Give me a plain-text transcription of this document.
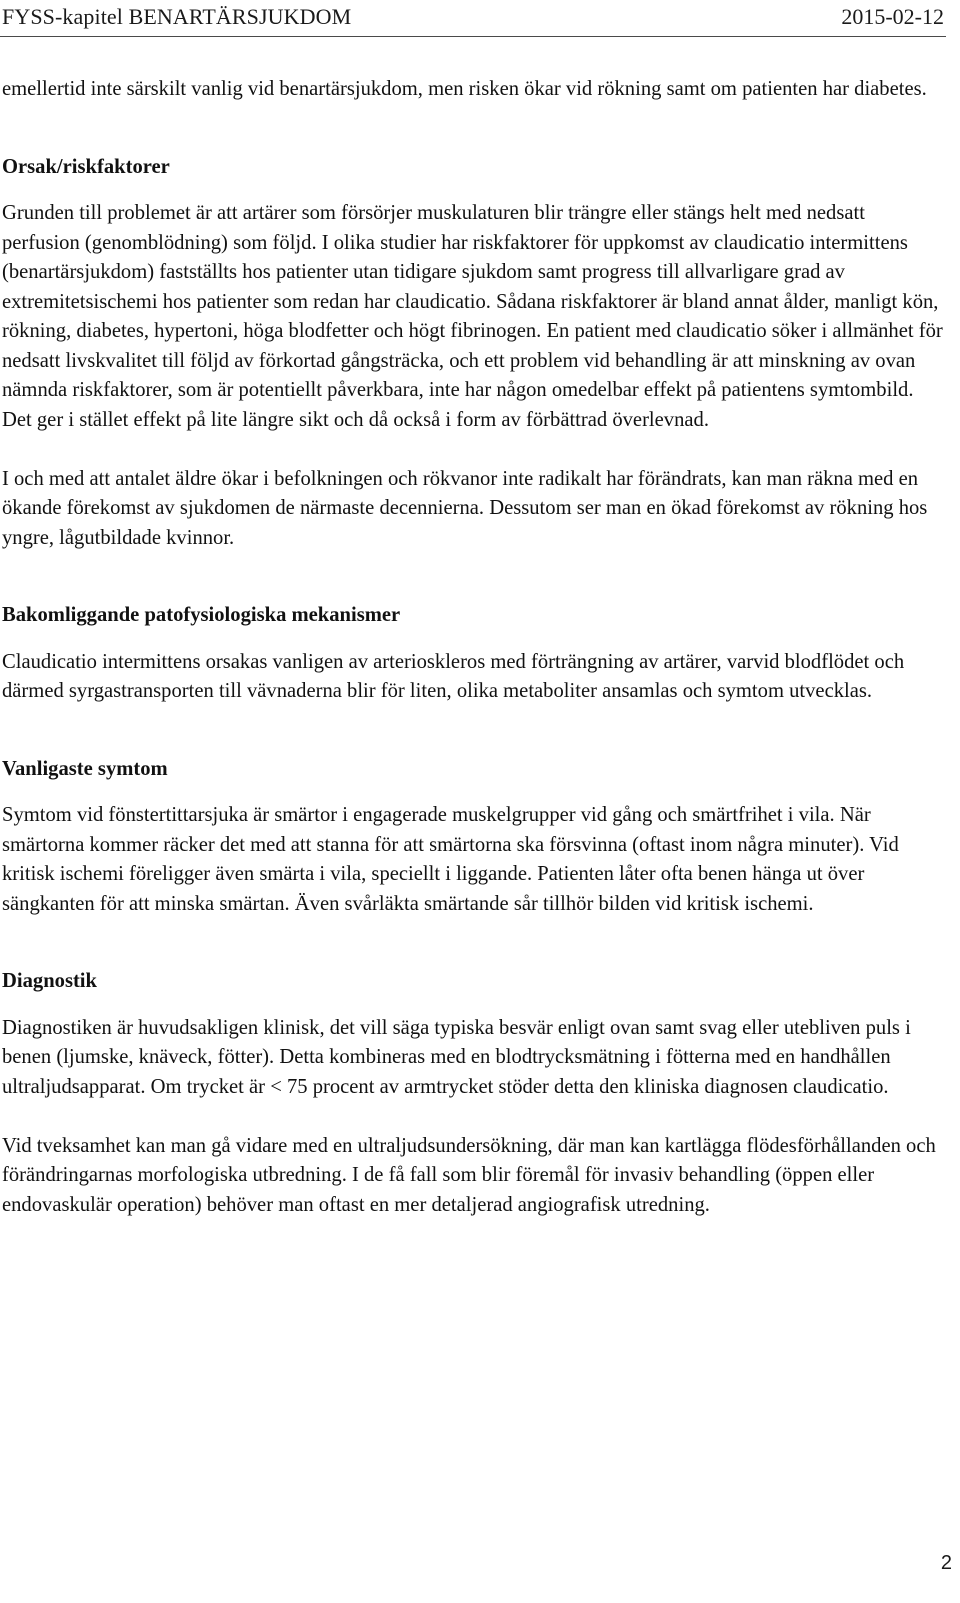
FYSS-kapitel BENARTÄRSJUKDOM	2015-02-12

emellertid inte särskilt vanlig vid benartärsjukdom, men risken ökar vid rökning samt om patienten har diabetes.

Orsak/riskfaktorer

Grunden till problemet är att artärer som försörjer muskulaturen blir trängre eller stängs helt med nedsatt perfusion (genomblödning) som följd. I olika studier har riskfaktorer för uppkomst av claudicatio intermittens (benartärsjukdom) fastställts hos patienter utan tidigare sjukdom samt progress till allvarligare grad av extremitetsischemi hos patienter som redan har claudicatio. Sådana riskfaktorer är bland annat ålder, manligt kön, rökning, diabetes, hypertoni, höga blodfetter och högt fibrinogen. En patient med claudicatio söker i allmänhet för nedsatt livskvalitet till följd av förkortad gångsträcka, och ett problem vid behandling är att minskning av ovan nämnda riskfaktorer, som är potentiellt påverkbara, inte har någon omedelbar effekt på patientens symtombild. Det ger i stället effekt på lite längre sikt och då också i form av förbättrad överlevnad.

I och med att antalet äldre ökar i befolkningen och rökvanor inte radikalt har förändrats, kan man räkna med en ökande förekomst av sjukdomen de närmaste decennierna. Dessutom ser man en ökad förekomst av rökning hos yngre, lågutbildade kvinnor.

Bakomliggande patofysiologiska mekanismer

Claudicatio intermittens orsakas vanligen av arterioskleros med förträngning av artärer, varvid blodflödet och därmed syrgastransporten till vävnaderna blir för liten, olika metaboliter ansamlas och symtom utvecklas.

Vanligaste symtom

Symtom vid fönstertittarsjuka är smärtor i engagerade muskelgrupper vid gång och smärtfrihet i vila. När smärtorna kommer räcker det med att stanna för att smärtorna ska försvinna (oftast inom några minuter). Vid kritisk ischemi föreligger även smärta i vila, speciellt i liggande. Patienten låter ofta benen hänga ut över sängkanten för att minska smärtan. Även svårläkta smärtande sår tillhör bilden vid kritisk ischemi.

Diagnostik

Diagnostiken är huvudsakligen klinisk, det vill säga typiska besvär enligt ovan samt svag eller utebliven puls i benen (ljumske, knäveck, fötter). Detta kombineras med en blodtrycksmätning i fötterna med en handhållen ultraljudsapparat. Om trycket är < 75 procent av armtrycket stöder detta den kliniska diagnosen claudicatio.

Vid tveksamhet kan man gå vidare med en ultraljudsundersökning, där man kan kartlägga flödesförhållanden och förändringarnas morfologiska utbredning. I de få fall som blir föremål för invasiv behandling (öppen eller endovaskulär operation) behöver man oftast en mer detaljerad angiografisk utredning.

2
